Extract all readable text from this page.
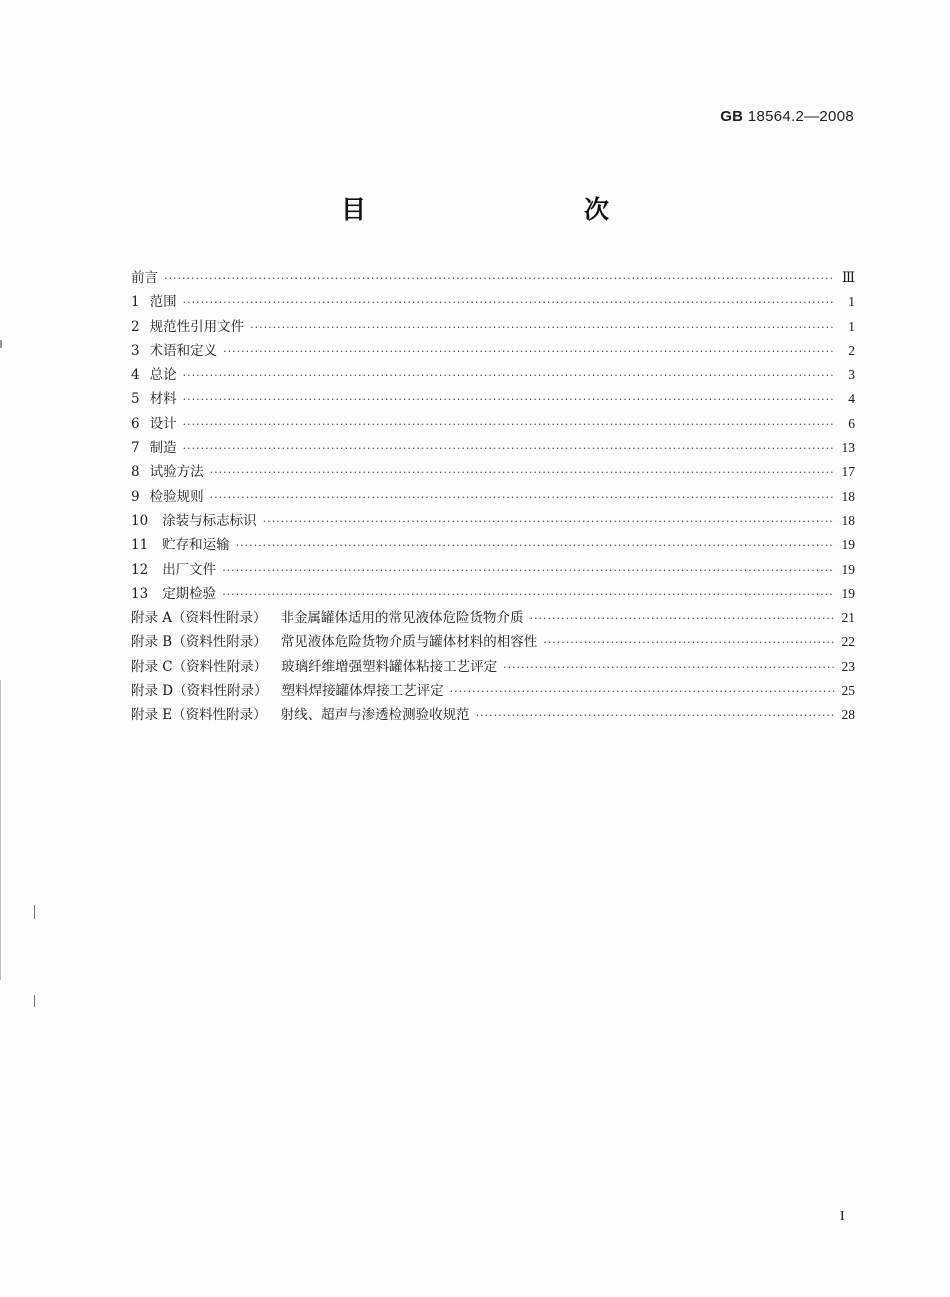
GB 18564.2—2008
目　　次
前言 ·····	Ⅲ
1 范围 ·····	1
2 规范性引用文件 ·····	1
3 术语和定义 ·····	2
4 总论 ·····	3
5 材料 ·····	4
6 设计 ·····	6
7 制造 ·····	13
8 试验方法 ·····	17
9 检验规则 ·····	18
10 涂装与标志标识 ·····	18
11 贮存和运输 ·····	19
12 出厂文件 ·····	19
13 定期检验 ·····	19
附录 A（资料性附录） 非金属罐体适用的常见液体危险货物介质 ·····	21
附录 B（资料性附录） 常见液体危险货物介质与罐体材料的相容性 ·····	22
附录 C（资料性附录） 玻璃纤维增强塑料罐体粘接工艺评定 ·····	23
附录 D（资料性附录） 塑料焊接罐体焊接工艺评定 ·····	25
附录 E（资料性附录） 射线、超声与渗透检测验收规范 ·····	28
I
